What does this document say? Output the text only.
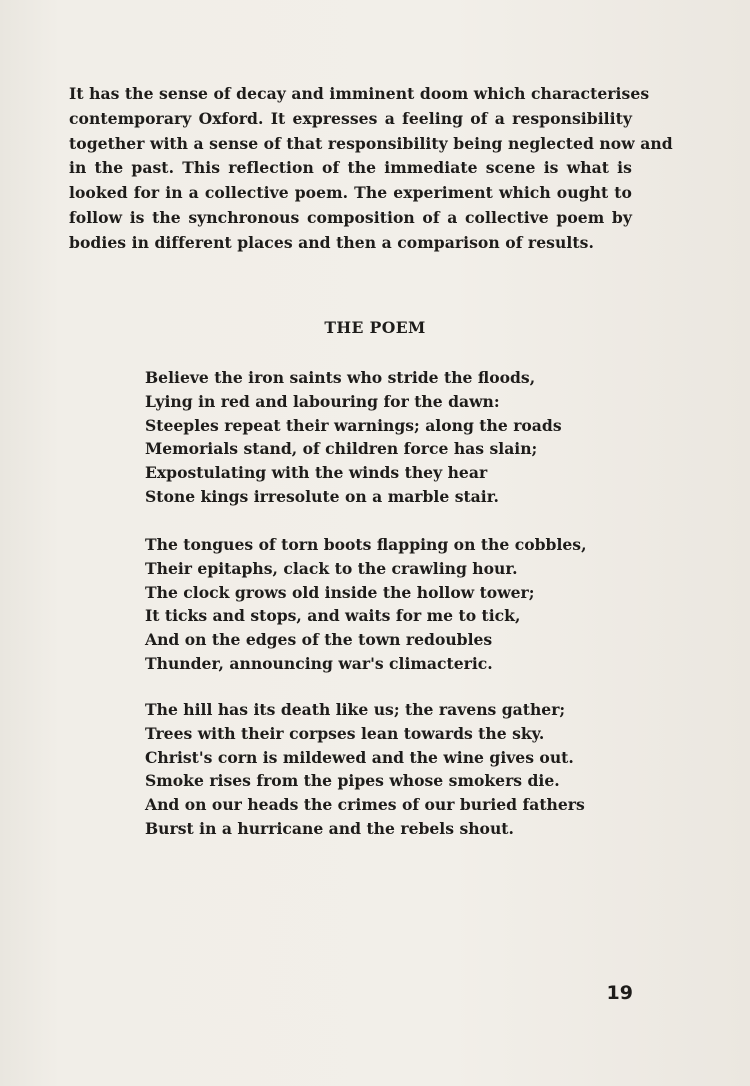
It has the sense of decay and imminent doom which characterises
contemporary Oxford. It expresses a feeling of a responsibility
together with a sense of that responsibility being neglected now and
in the past. This reflection of the immediate scene is what is
looked for in a collective poem. The experiment which ought to
follow is the synchronous composition of a collective poem by
bodies in different places and then a comparison of results.

THE POEM

Believe the iron saints who stride the floods,
Lying in red and labouring for the dawn:
Steeples repeat their warnings; along the roads
Memorials stand, of children force has slain;
Expostulating with the winds they hear
Stone kings irresolute on a marble stair.

The tongues of torn boots flapping on the cobbles,
Their epitaphs, clack to the crawling hour.
The clock grows old inside the hollow tower;
It ticks and stops, and waits for me to tick,
And on the edges of the town redoubles
Thunder, announcing war's climacteric.

The hill has its death like us; the ravens gather;
Trees with their corpses lean towards the sky.
Christ's corn is mildewed and the wine gives out.
Smoke rises from the pipes whose smokers die.
And on our heads the crimes of our buried fathers
Burst in a hurricane and the rebels shout.

19
